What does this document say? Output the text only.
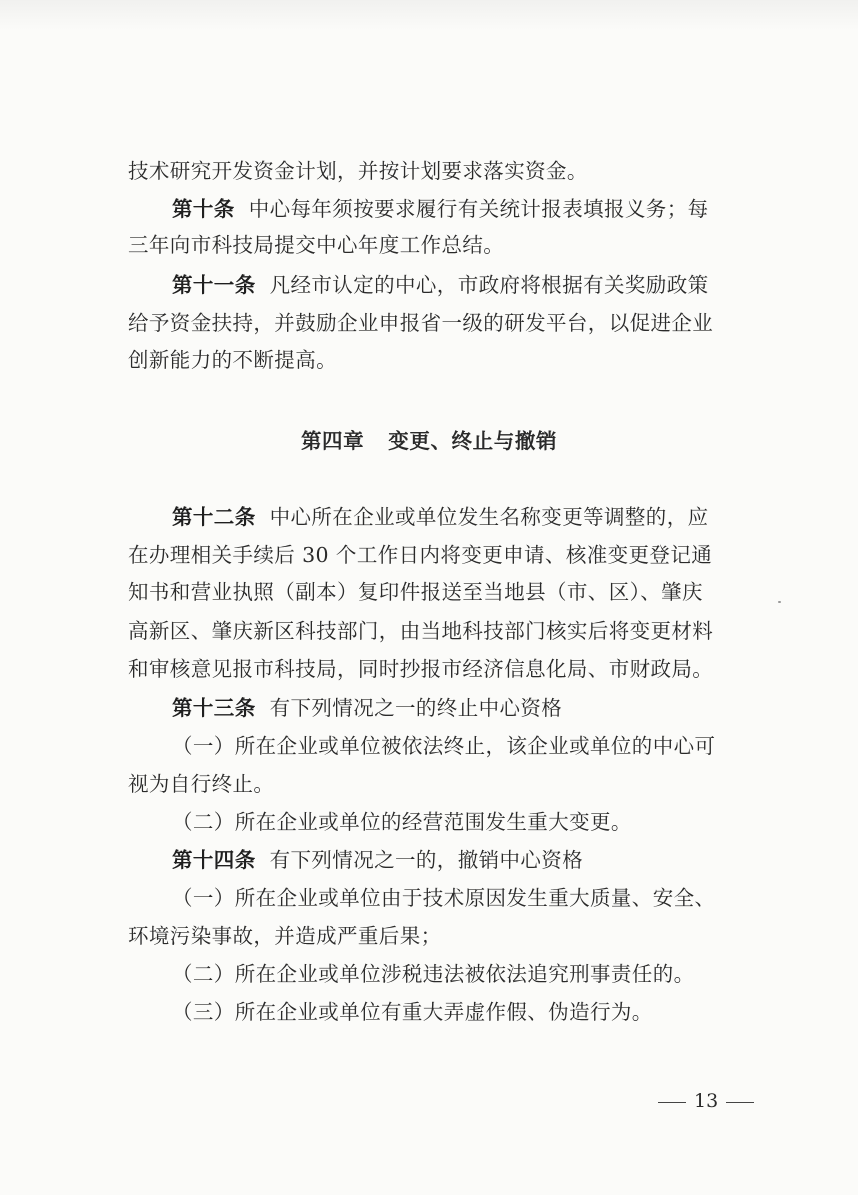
技术研究开发资金计划，并按计划要求落实资金。
第十条 中心每年须按要求履行有关统计报表填报义务；每
三年向市科技局提交中心年度工作总结。
第十一条 凡经市认定的中心，市政府将根据有关奖励政策
给予资金扶持，并鼓励企业申报省一级的研发平台，以促进企业
创新能力的不断提高。
第四章 变更、终止与撤销
第十二条 中心所在企业或单位发生名称变更等调整的，应
在办理相关手续后 30 个工作日内将变更申请、核准变更登记通
知书和营业执照（副本）复印件报送至当地县（市、区）、肇庆
高新区、肇庆新区科技部门，由当地科技部门核实后将变更材料
和审核意见报市科技局，同时抄报市经济信息化局、市财政局。
第十三条 有下列情况之一的终止中心资格
（一）所在企业或单位被依法终止，该企业或单位的中心可
视为自行终止。
（二）所在企业或单位的经营范围发生重大变更。
第十四条 有下列情况之一的，撤销中心资格
（一）所在企业或单位由于技术原因发生重大质量、安全、
环境污染事故，并造成严重后果；
（二）所在企业或单位涉税违法被依法追究刑事责任的。
（三）所在企业或单位有重大弄虚作假、伪造行为。
13
